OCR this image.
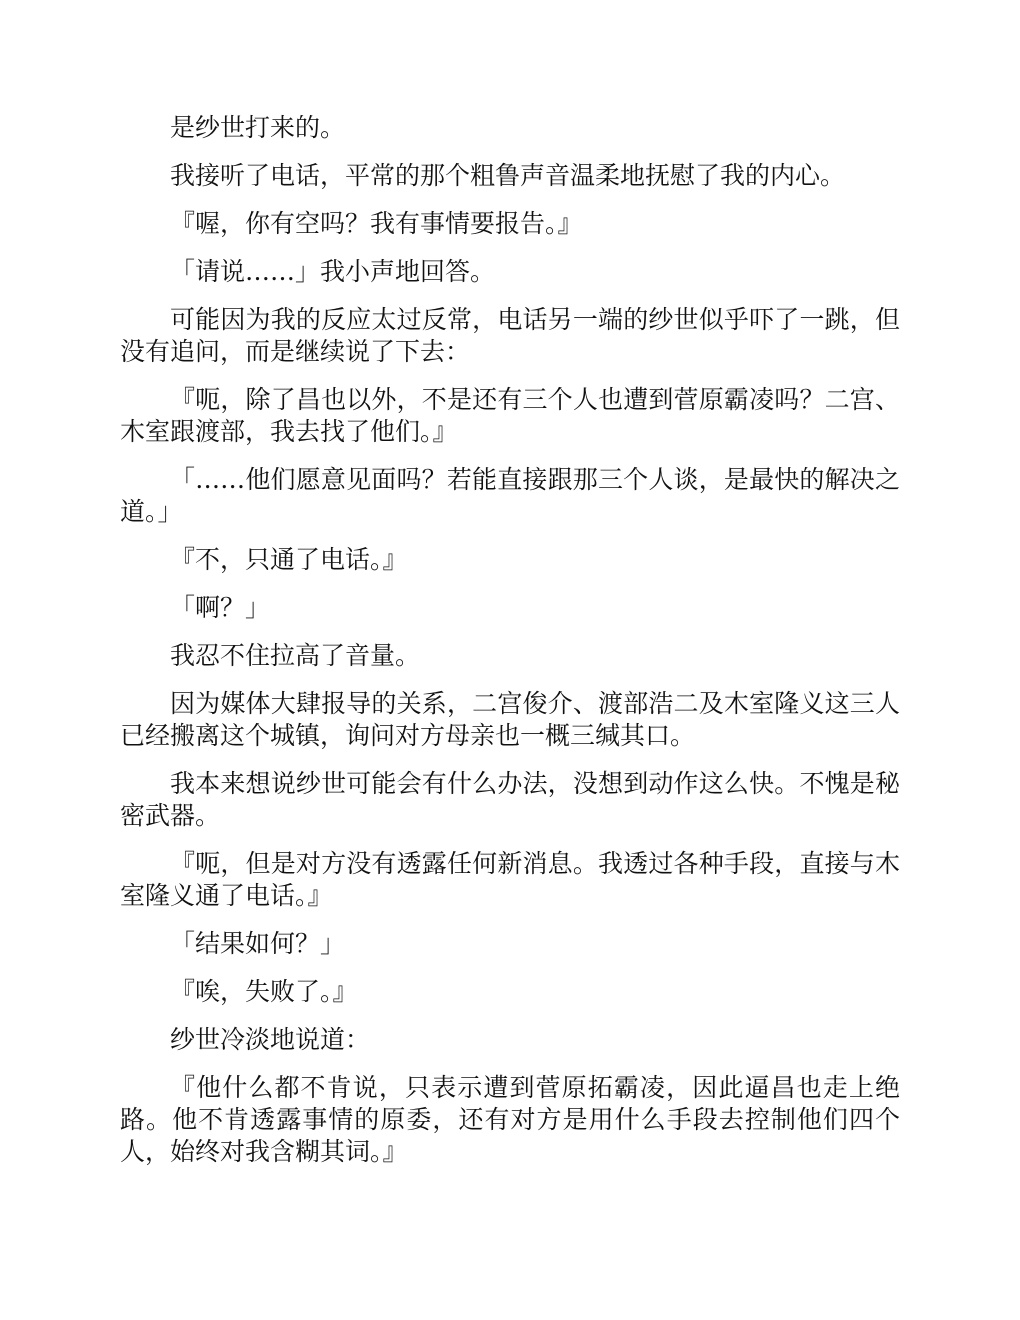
是纱世打来的。

我接听了电话，平常的那个粗鲁声音温柔地抚慰了我的内心。

『喔，你有空吗？我有事情要报告。』

「请说……」我小声地回答。

可能因为我的反应太过反常，电话另一端的纱世似乎吓了一跳，但没有追问，而是继续说了下去：

『呃，除了昌也以外，不是还有三个人也遭到菅原霸凌吗？二宫、木室跟渡部，我去找了他们。』

「……他们愿意见面吗？若能直接跟那三个人谈，是最快的解决之道。」

『不，只通了电话。』

「啊？」

我忍不住拉高了音量。

因为媒体大肆报导的关系，二宫俊介、渡部浩二及木室隆义这三人已经搬离这个城镇，询问对方母亲也一概三缄其口。

我本来想说纱世可能会有什么办法，没想到动作这么快。不愧是秘密武器。

『呃，但是对方没有透露任何新消息。我透过各种手段，直接与木室隆义通了电话。』

「结果如何？」

『唉，失败了。』

纱世冷淡地说道：

『他什么都不肯说，只表示遭到菅原拓霸凌，因此逼昌也走上绝路。他不肯透露事情的原委，还有对方是用什么手段去控制他们四个人，始终对我含糊其词。』
